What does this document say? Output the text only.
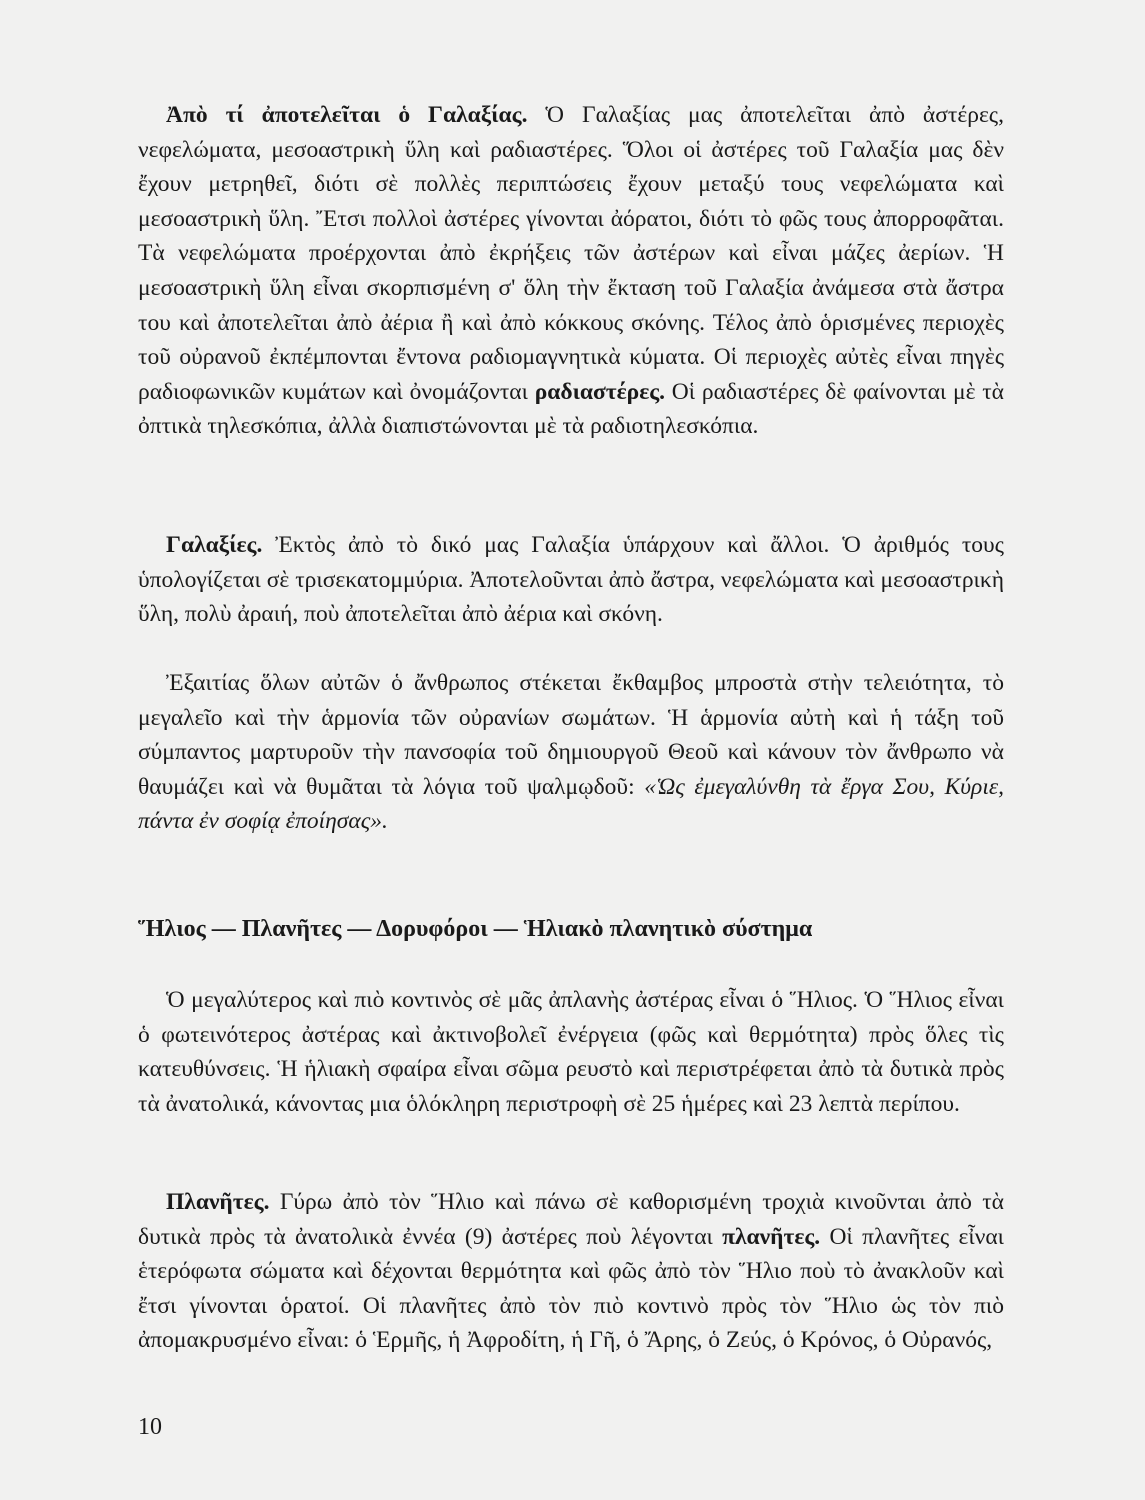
Ἀπὸ τί ἀποτελεῖται ὁ Γαλαξίας. Ὁ Γαλαξίας μας ἀποτελεῖται ἀπὸ ἀστέρες, νεφελώματα, μεσοαστρικὴ ὕλη καὶ ραδιαστέρες. Ὅλοι οἱ ἀστέρες τοῦ Γαλαξία μας δὲν ἔχουν μετρηθεῖ, διότι σὲ πολλὲς περιπτώσεις ἔχουν μεταξύ τους νεφελώματα καὶ μεσοαστρικὴ ὕλη. Ἔτσι πολλοὶ ἀστέρες γίνονται ἀόρατοι, διότι τὸ φῶς τους ἀπορροφᾶται. Τὰ νεφελώματα προέρχονται ἀπὸ ἐκρήξεις τῶν ἀστέρων καὶ εἶναι μάζες ἀερίων. Ἡ μεσοαστρικὴ ὕλη εἶναι σκορπισμένη σ' ὅλη τὴν ἔκταση τοῦ Γαλαξία ἀνάμεσα στὰ ἄστρα του καὶ ἀποτελεῖται ἀπὸ ἀέρια ἢ καὶ ἀπὸ κόκκους σκόνης. Τέλος ἀπὸ ὁρισμένες περιοχὲς τοῦ οὐρανοῦ ἐκπέμπονται ἔντονα ραδιομαγνητικὰ κύματα. Οἱ περιοχὲς αὐτὲς εἶναι πηγὲς ραδιοφωνικῶν κυμάτων καὶ ὀνομάζονται ραδιαστέρες. Οἱ ραδιαστέρες δὲ φαίνονται μὲ τὰ ὀπτικὰ τηλεσκόπια, ἀλλὰ διαπιστώνονται μὲ τὰ ραδιοτηλεσκόπια.

Γαλαξίες. Ἐκτὸς ἀπὸ τὸ δικό μας Γαλαξία ὑπάρχουν καὶ ἄλλοι. Ὁ ἀριθμός τους ὑπολογίζεται σὲ τρισεκατομμύρια. Ἀποτελοῦνται ἀπὸ ἄστρα, νεφελώματα καὶ μεσοαστρικὴ ὕλη, πολὺ ἀραιή, ποὺ ἀποτελεῖται ἀπὸ ἀέρια καὶ σκόνη.

Ἐξαιτίας ὅλων αὐτῶν ὁ ἄνθρωπος στέκεται ἔκθαμβος μπροστὰ στὴν τελειότητα, τὸ μεγαλεῖο καὶ τὴν ἁρμονία τῶν οὐρανίων σωμάτων. Ἡ ἁρμονία αὐτὴ καὶ ἡ τάξη τοῦ σύμπαντος μαρτυροῦν τὴν πανσοφία τοῦ δημιουργοῦ Θεοῦ καὶ κάνουν τὸν ἄνθρωπο νὰ θαυμάζει καὶ νὰ θυμᾶται τὰ λόγια τοῦ ψαλμῳδοῦ: «Ὡς ἐμεγαλύνθη τὰ ἔργα Σου, Κύριε, πάντα ἐν σοφίᾳ ἐποίησας».

Ἥλιος — Πλανῆτες — Δορυφόροι — Ἡλιακὸ πλανητικὸ σύστημα

Ὁ μεγαλύτερος καὶ πιὸ κοντινὸς σὲ μᾶς ἀπλανὴς ἀστέρας εἶναι ὁ Ἥλιος. Ὁ Ἥλιος εἶναι ὁ φωτεινότερος ἀστέρας καὶ ἀκτινοβολεῖ ἐνέργεια (φῶς καὶ θερμότητα) πρὸς ὅλες τὶς κατευθύνσεις. Ἡ ἡλιακὴ σφαίρα εἶναι σῶμα ρευστὸ καὶ περιστρέφεται ἀπὸ τὰ δυτικὰ πρὸς τὰ ἀνατολικά, κάνοντας μια ὁλόκληρη περιστροφὴ σὲ 25 ἡμέρες καὶ 23 λεπτὰ περίπου.

Πλανῆτες. Γύρω ἀπὸ τὸν Ἥλιο καὶ πάνω σὲ καθορισμένη τροχιὰ κινοῦνται ἀπὸ τὰ δυτικὰ πρὸς τὰ ἀνατολικὰ ἐννέα (9) ἀστέρες ποὺ λέγονται πλανῆτες. Οἱ πλανῆτες εἶναι ἑτερόφωτα σώματα καὶ δέχονται θερμότητα καὶ φῶς ἀπὸ τὸν Ἥλιο ποὺ τὸ ἀνακλοῦν καὶ ἔτσι γίνονται ὁρατοί. Οἱ πλανῆτες ἀπὸ τὸν πιὸ κοντινὸ πρὸς τὸν Ἥλιο ὡς τὸν πιὸ ἀπομακρυσμένο εἶναι: ὁ Ἑρμῆς, ἡ Ἀφροδίτη, ἡ Γῆ, ὁ Ἄρης, ὁ Ζεύς, ὁ Κρόνος, ὁ Οὐρανός,

10
